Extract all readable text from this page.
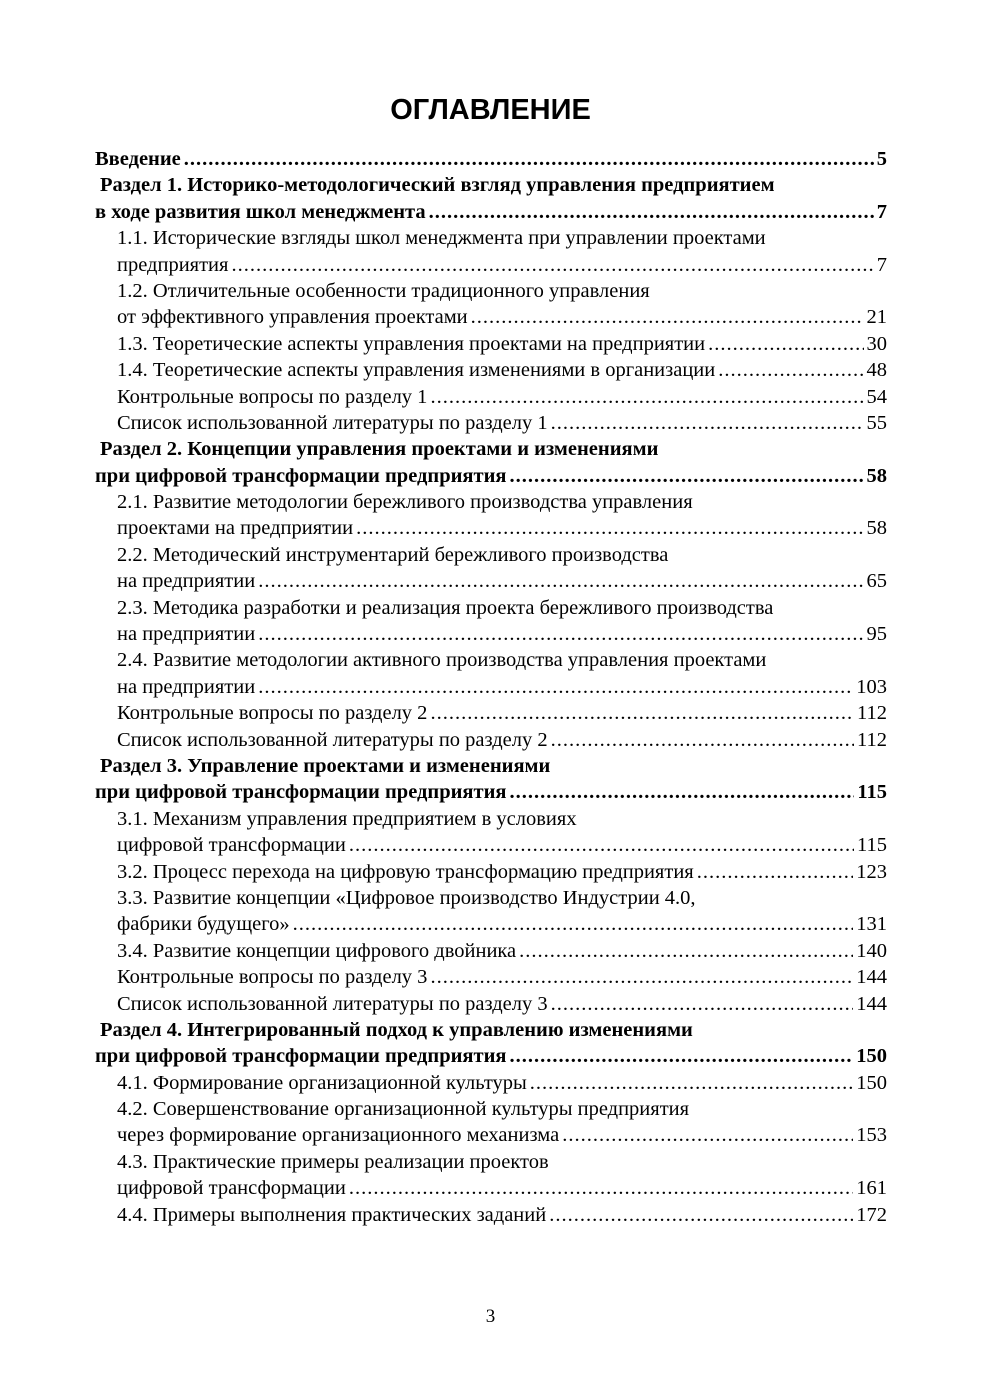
ОГЛАВЛЕНИЕ
Введение .....	5
Раздел 1. Историко-методологический взгляд управления предприятием
в ходе развития школ менеджмента .....	7
1.1. Исторические взгляды школ менеджмента при управлении проектами
предприятия .....	7
1.2. Отличительные особенности традиционного управления
от эффективного управления проектами .....	21
1.3. Теоретические аспекты управления проектами на предприятии .....	30
1.4. Теоретические аспекты управления изменениями в организации .....	48
Контрольные вопросы по разделу 1 .....	54
Список использованной литературы по разделу 1 .....	55
Раздел 2. Концепции управления проектами и изменениями
при цифровой трансформации предприятия .....	58
2.1. Развитие методологии бережливого производства управления
проектами на предприятии .....	58
2.2. Методический инструментарий бережливого производства
на предприятии .....	65
2.3. Методика разработки и реализация проекта бережливого производства
на предприятии .....	95
2.4. Развитие методологии активного производства управления проектами
на предприятии .....	103
Контрольные вопросы по разделу 2 .....	112
Список использованной литературы по разделу 2 .....	112
Раздел 3. Управление проектами и изменениями
при цифровой трансформации предприятия .....	115
3.1. Механизм управления предприятием в условиях
цифровой трансформации .....	115
3.2. Процесс перехода на цифровую трансформацию предприятия .....	123
3.3. Развитие концепции «Цифровое производство Индустрии 4.0,
фабрики будущего» .....	131
3.4. Развитие концепции цифрового двойника .....	140
Контрольные вопросы по разделу 3 .....	144
Список использованной литературы по разделу 3 .....	144
Раздел 4. Интегрированный подход к управлению изменениями
при цифровой трансформации предприятия .....	150
4.1. Формирование организационной культуры .....	150
4.2. Совершенствование организационной культуры предприятия
через формирование организационного механизма .....	153
4.3. Практические примеры реализации проектов
цифровой трансформации .....	161
4.4. Примеры выполнения практических заданий .....	172
3
